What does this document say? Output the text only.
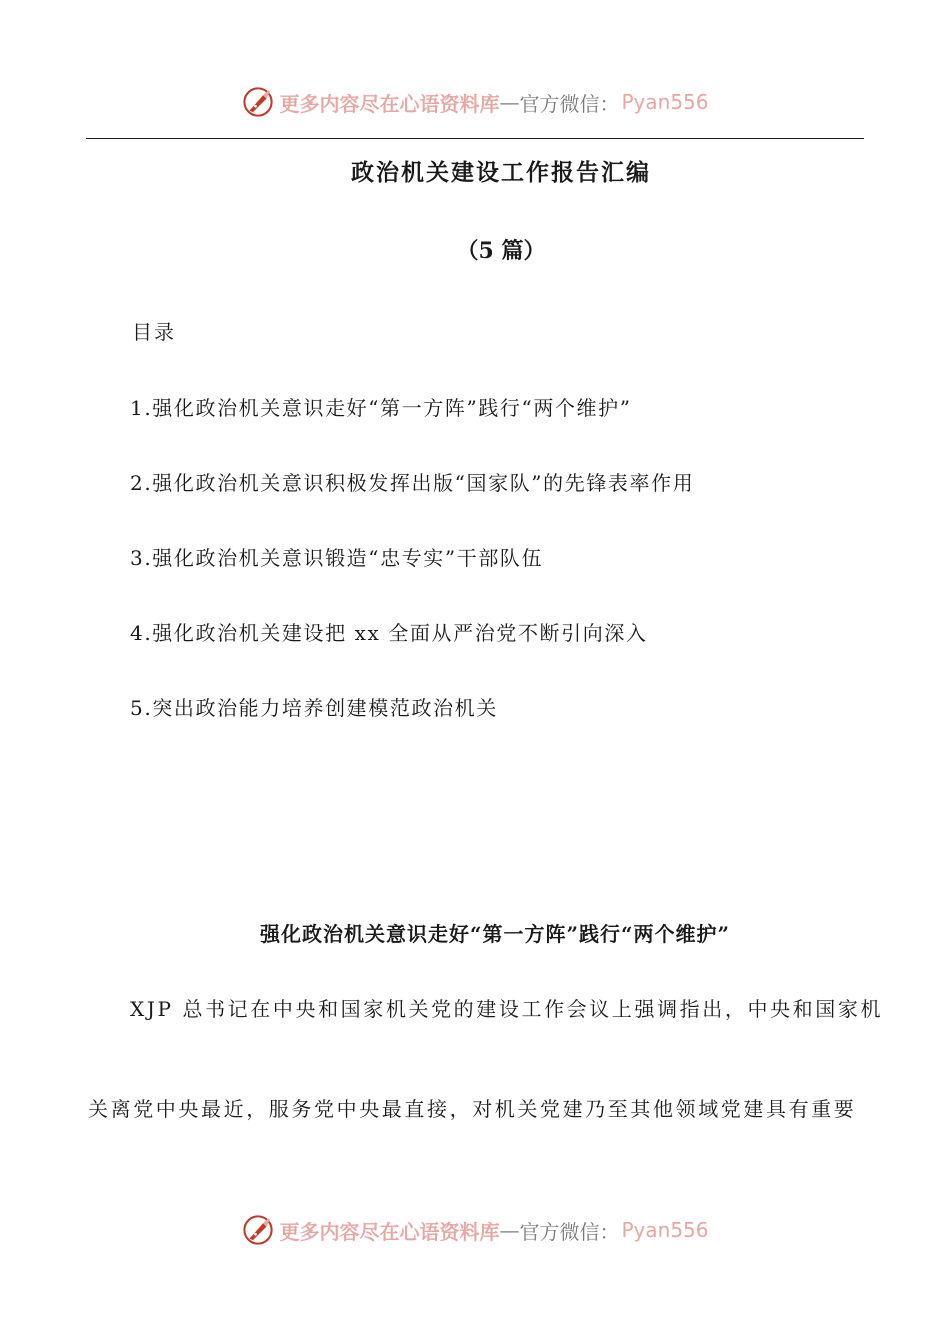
更多内容尽在心语资料库 — 官方微信： Pyan556
政治机关建设工作报告汇编
（5 篇）
目录
1.强化政治机关意识走好“第一方阵”践行“两个维护”
2.强化政治机关意识积极发挥出版“国家队”的先锋表率作用
3.强化政治机关意识锻造“忠专实”干部队伍
4.强化政治机关建设把 xx 全面从严治党不断引向深入
5.突出政治能力培养创建模范政治机关
强化政治机关意识走好“第一方阵”践行“两个维护”
XJP 总书记在中央和国家机关党的建设工作会议上强调指出，中央和国家机
关离党中央最近，服务党中央最直接，对机关党建乃至其他领域党建具有重要
更多内容尽在心语资料库 — 官方微信： Pyan556
